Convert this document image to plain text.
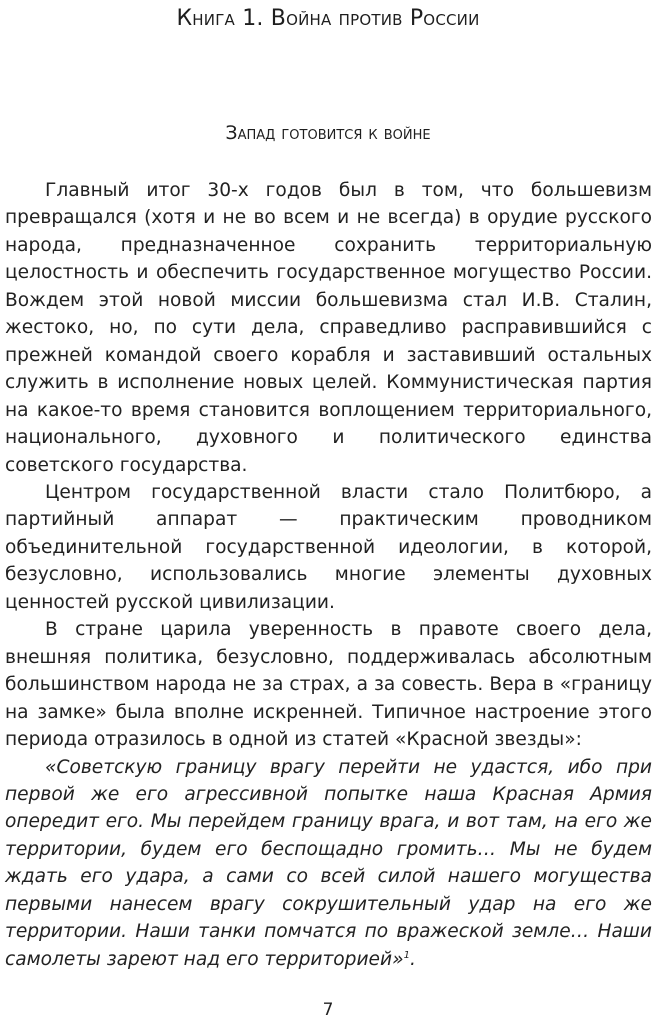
Книга 1. Война против России
Запад готовится к войне

Главный итог 30-х годов был в том, что большевизм превращался (хотя и не во всем и не всегда) в орудие русского народа, предназначенное сохранить территориальную целостность и обеспечить государственное могущество России. Вождем этой новой миссии большевизма стал И.В. Сталин, жестоко, но, по сути дела, справедливо расправившийся с прежней командой своего корабля и заставивший остальных служить в исполнение новых целей. Коммунистическая партия на какое-то время становится воплощением территориального, национального, духовного и политического единства советского государства.

Центром государственной власти стало Политбюро, а партийный аппарат — практическим проводником объединительной государственной идеологии, в которой, безусловно, использовались многие элементы духовных ценностей русской цивилизации.

В стране царила уверенность в правоте своего дела, внешняя политика, безусловно, поддерживалась абсолютным большинством народа не за страх, а за совесть. Вера в «границу на замке» была вполне искренней. Типичное настроение этого периода отразилось в одной из статей «Красной звезды»:

«Советскую границу врагу перейти не удастся, ибо при первой же его агрессивной попытке наша Красная Армия опередит его. Мы перейдем границу врага, и вот там, на его же территории, будем его беспощадно громить… Мы не будем ждать его удара, а сами со всей силой нашего могущества первыми нанесем врагу сокрушительный удар на его же территории. Наши танки помчатся по вражеской земле… Наши самолеты зареют над его территорией»$^1$.

7
